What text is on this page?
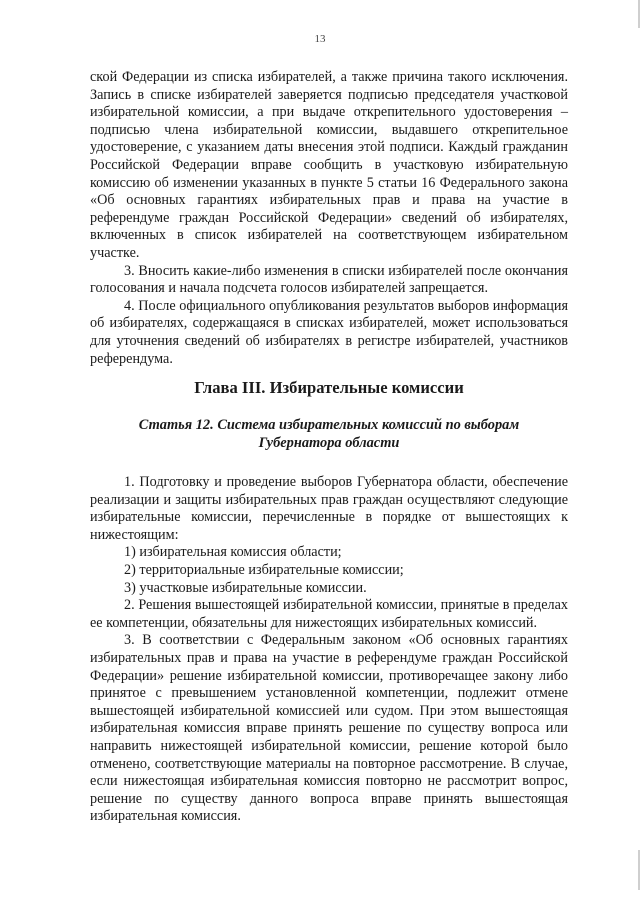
13

ской Федерации из списка избирателей, а также причина такого исключения. Запись в списке избирателей заверяется подписью председателя участковой избирательной комиссии, а при выдаче открепительного удостоверения – подписью члена избирательной комиссии, выдавшего открепительное удостоверение, с указанием даты внесения этой подписи. Каждый гражданин Российской Федерации вправе сообщить в участковую избирательную комиссию об изменении указанных в пункте 5 статьи 16 Федерального закона «Об основных гарантиях избирательных прав и права на участие в референдуме граждан Российской Федерации» сведений об избирателях, включенных в список избирателей на соответствующем избирательном участке.

3. Вносить какие-либо изменения в списки избирателей после окончания голосования и начала подсчета голосов избирателей запрещается.

4. После официального опубликования результатов выборов информация об избирателях, содержащаяся в списках избирателей, может использоваться для уточнения сведений об избирателях в регистре избирателей, участников референдума.

Глава III. Избирательные комиссии
Статья 12. Система избирательных комиссий по выборам Губернатора области

1. Подготовку и проведение выборов Губернатора области, обеспечение реализации и защиты избирательных прав граждан осуществляют следующие избирательные комиссии, перечисленные в порядке от вышестоящих к нижестоящим:

1) избирательная комиссия области;

2) территориальные избирательные комиссии;

3) участковые избирательные комиссии.

2. Решения вышестоящей избирательной комиссии, принятые в пределах ее компетенции, обязательны для нижестоящих избирательных комиссий.

3. В соответствии с Федеральным законом «Об основных гарантиях избирательных прав и права на участие в референдуме граждан Российской Федерации» решение избирательной комиссии, противоречащее закону либо принятое с превышением установленной компетенции, подлежит отмене вышестоящей избирательной комиссией или судом. При этом вышестоящая избирательная комиссия вправе принять решение по существу вопроса или направить нижестоящей избирательной комиссии, решение которой было отменено, соответствующие материалы на повторное рассмотрение. В случае, если нижестоящая избирательная комиссия повторно не рассмотрит вопрос, решение по существу данного вопроса вправе принять вышестоящая избирательная комиссия.
